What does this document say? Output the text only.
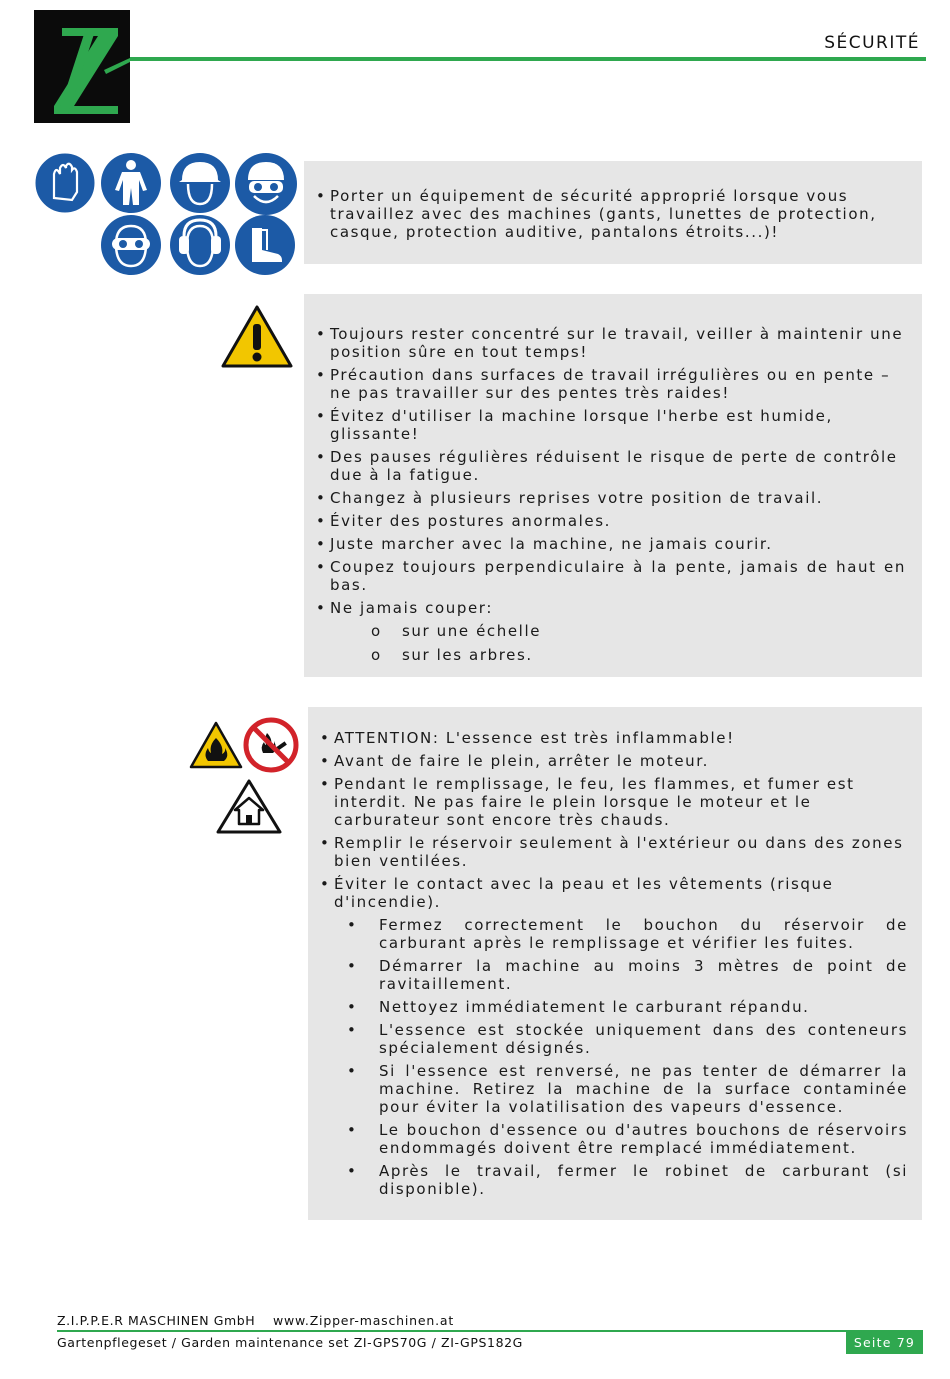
SÉCURITÉ
• Porter un équipement de sécurité approprié lorsque vous travaillez avec des machines (gants, lunettes de protection, casque, protection auditive, pantalons étroits...)!
• Toujours rester concentré sur le travail, veiller à maintenir une position sûre en tout temps!
• Précaution dans surfaces de travail irrégulières ou en pente – ne pas travailler sur des pentes très raides!
• Évitez d'utiliser la machine lorsque l'herbe est humide, glissante!
• Des pauses régulières réduisent le risque de perte de contrôle due à la fatigue.
• Changez à plusieurs reprises votre position de travail.
• Éviter des postures anormales.
• Juste marcher avec la machine, ne jamais courir.
• Coupez toujours perpendiculaire à la pente, jamais de haut en bas.
• Ne jamais couper:
o sur une échelle
o sur les arbres.
• ATTENTION: L'essence est très inflammable!
• Avant de faire le plein, arrêter le moteur.
• Pendant le remplissage, le feu, les flammes, et fumer est interdit. Ne pas faire le plein lorsque le moteur et le carburateur sont encore très chauds.
• Remplir le réservoir seulement à l'extérieur ou dans des zones bien ventilées.
• Éviter le contact avec la peau et les vêtements (risque d'incendie).
• Fermez correctement le bouchon du réservoir de carburant après le remplissage et vérifier les fuites.
• Démarrer la machine au moins 3 mètres de point de ravitaillement.
• Nettoyez immédiatement le carburant répandu.
• L'essence est stockée uniquement dans des conteneurs spécialement désignés.
• Si l'essence est renversé, ne pas tenter de démarrer la machine. Retirez la machine de la surface contaminée pour éviter la volatilisation des vapeurs d'essence.
• Le bouchon d'essence ou d'autres bouchons de réservoirs endommagés doivent être remplacé immédiatement.
• Après le travail, fermer le robinet de carburant (si disponible).
Z.I.P.P.E.R MASCHINEN GmbH www.Zipper-maschinen.at
Gartenpflegeset / Garden maintenance set ZI-GPS70G / ZI-GPS182G	Seite 79
